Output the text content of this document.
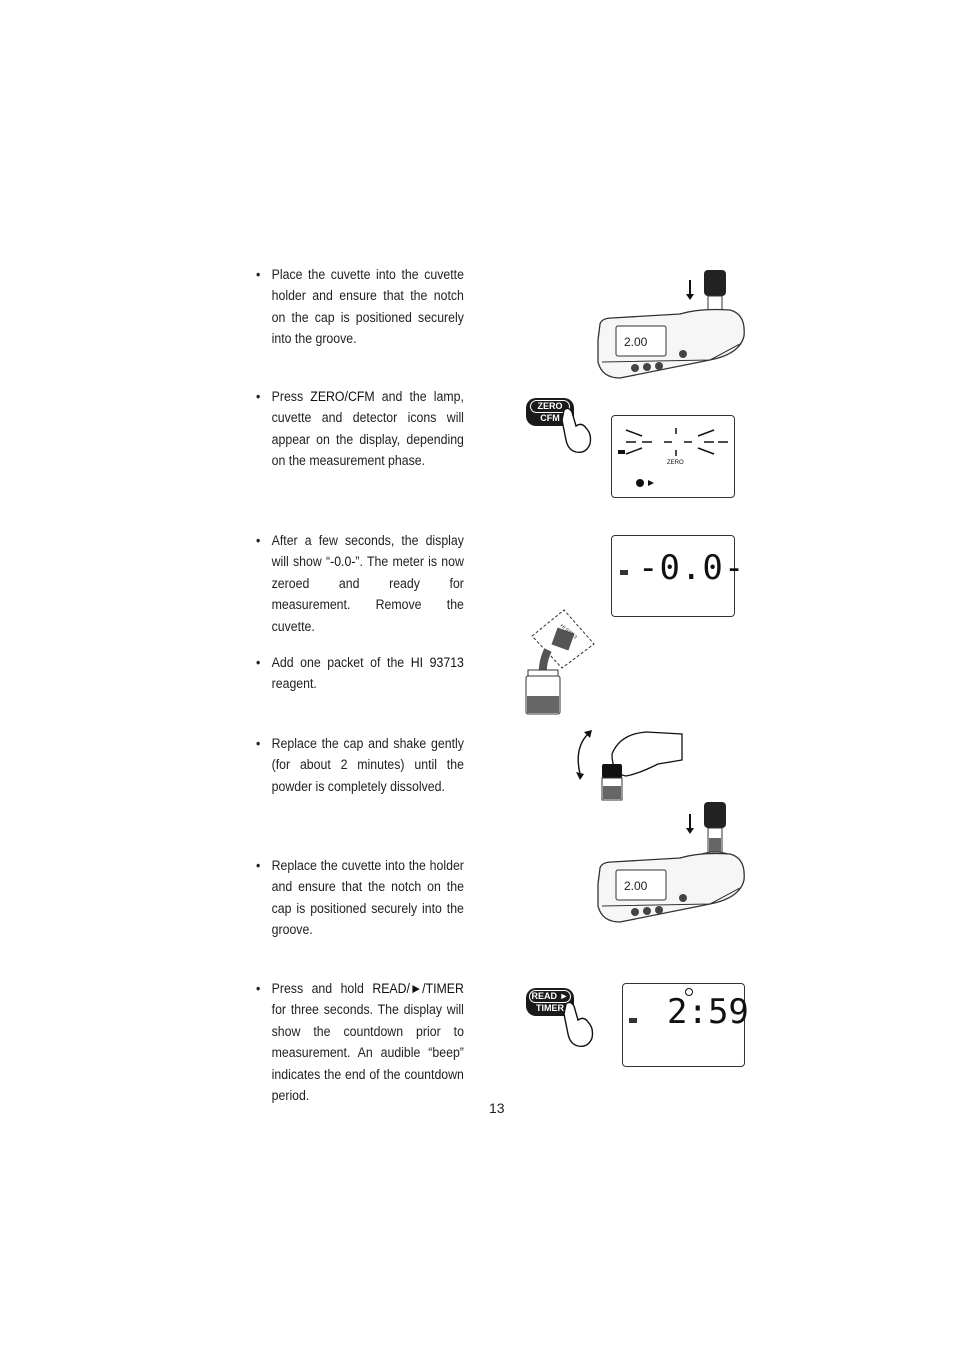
• Place the cuvette into the cuvette holder and ensure that the notch on the cap is positioned securely into the groove.
• Press ZERO/CFM and the lamp, cuvette and detector icons will appear on the display, depending on the measurement phase.
• After a few seconds, the display will show “-0.0-”. The meter is now zeroed and ready for measurement. Remove the cuvette.
• Add one packet of the HI 93713 reagent.
• Replace the cap and shake gently (for about 2 minutes) until the powder is completely dissolved.
• Replace the cuvette into the holder and ensure that the notch on the cap is positioned securely into the groove.
• Press and hold READ/►/TIMER for three seconds. The display will show the countdown prior to measurement. An audible “beep” indicates the end of the countdown period.
13
2.00
ZERO
CFM
ZERO
-0.0-
HI 93713
2.00
READ ►
TIMER	2:59
